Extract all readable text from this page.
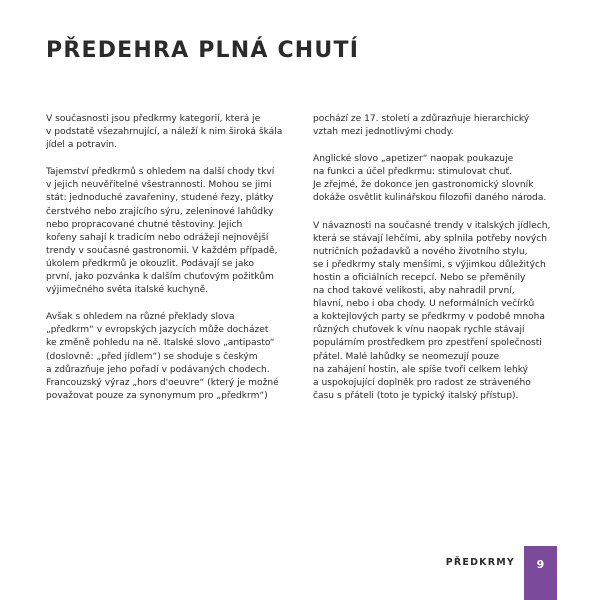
PŘEDEHRA PLNÁ CHUTÍ

V současnosti jsou předkrmy kategorií, která je
v podstatě všezahrnující, a náleží k nim široká škála
jídel a potravin.

Tajemství předkrmů s ohledem na další chody tkví
v jejich neuvěřitelné všestrannosti. Mohou se jimi
stát: jednoduché zavařeniny, studené řezy, plátky
čerstvého nebo zrajícího sýru, zeleninové lahůdky
nebo propracované chutné těstoviny. Jejich
kořeny sahají k tradicím nebo odrážejí nejnovější
trendy v současné gastronomii. V každém případě,
úkolem předkrmů je okouzlit. Podávají se jako
první, jako pozvánka k dalším chuťovým požitkům
výjimečného světa italské kuchyně.

Avšak s ohledem na různé překlady slova
„předkrm“ v evropských jazycích může docházet
ke změně pohledu na ně. Italské slovo „antipasto“
(doslovně: „před jídlem“) se shoduje s českým
a zdůrazňuje jeho pořadí v podávaných chodech.
Francouzský výraz „hors d'oeuvre“ (který je možné
považovat pouze za synonymum pro „předkrm“)

pochází ze 17. století a zdůrazňuje hierarchický
vztah mezi jednotlivými chody.

Anglické slovo „apetizer“ naopak poukazuje
na funkci a účel předkrmu: stimulovat chuť.
Je zřejmé, že dokonce jen gastronomický slovník
dokáže osvětlit kulinářskou filozofii daného národa.

V návaznosti na současné trendy v italských jídlech,
která se stávají lehčími, aby splnila potřeby nových
nutričních požadavků a nového životního stylu,
se i předkrmy staly menšími, s výjimkou důležitých
hostin a oficiálních recepcí. Nebo se přeměnily
na chod takové velikosti, aby nahradil první,
hlavní, nebo i oba chody. U neformálních večírků
a koktejlových party se předkrmy v podobě mnoha
různých chuťovek k vínu naopak rychle stávají
populárním prostředkem pro zpestření společnosti
přátel. Malé lahůdky se neomezují pouze
na zahájení hostin, ale spíše tvoří celkem lehký
a uspokojující doplněk pro radost ze stráveného
času s přáteli (toto je typický italský přístup).

PŘEDKRMY	9
